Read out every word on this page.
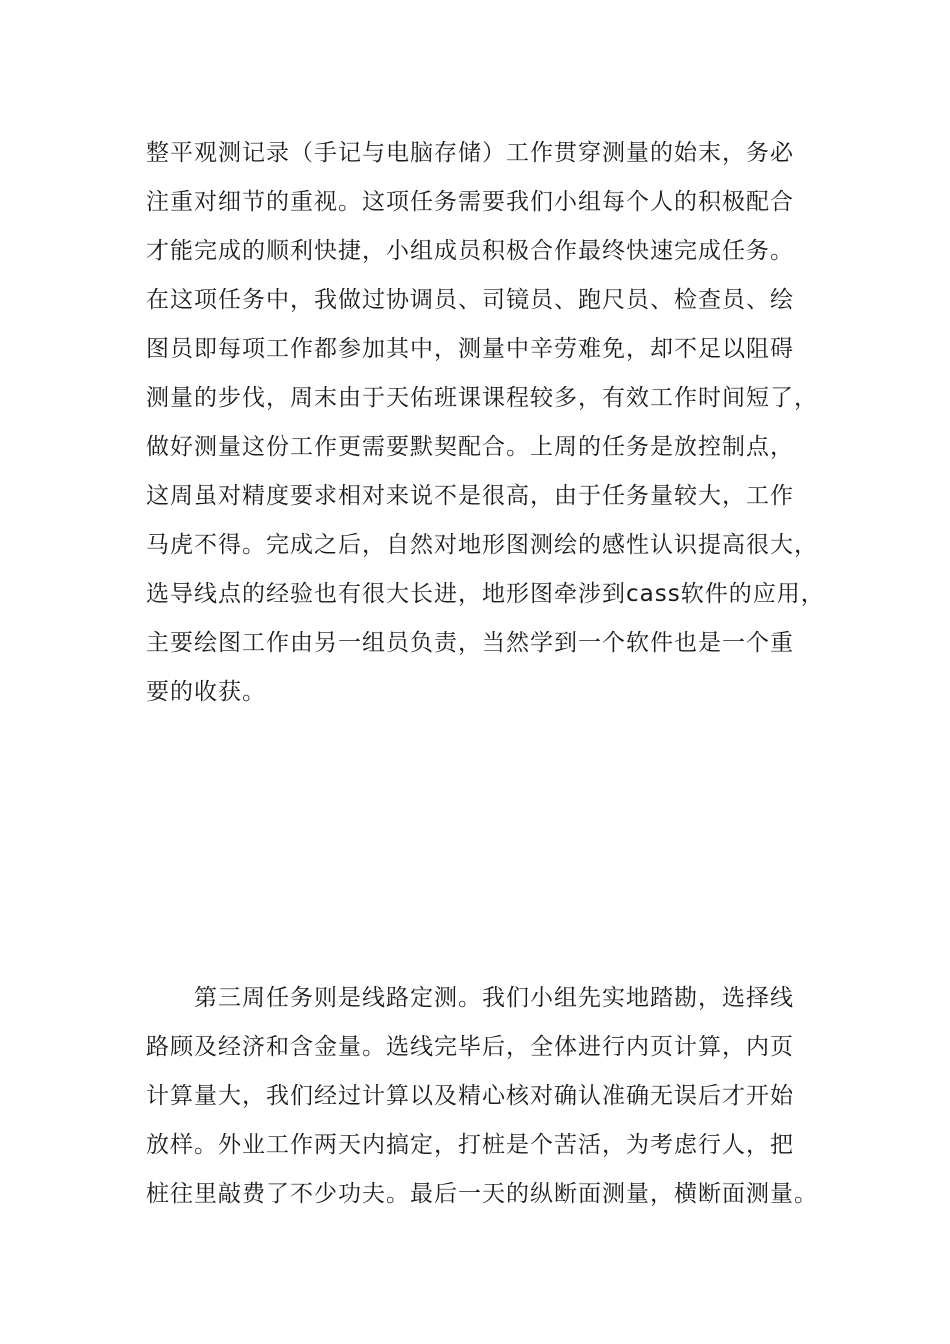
整平观测记录（手记与电脑存储）工作贯穿测量的始末，务必
注重对细节的重视。这项任务需要我们小组每个人的积极配合
才能完成的顺利快捷，小组成员积极合作最终快速完成任务。
在这项任务中，我做过协调员、司镜员、跑尺员、检查员、绘
图员即每项工作都参加其中，测量中辛劳难免，却不足以阻碍
测量的步伐，周末由于天佑班课课程较多，有效工作时间短了，
做好测量这份工作更需要默契配合。上周的任务是放控制点，
这周虽对精度要求相对来说不是很高，由于任务量较大，工作
马虎不得。完成之后，自然对地形图测绘的感性认识提高很大，
选导线点的经验也有很大长进，地形图牵涉到cass软件的应用，
主要绘图工作由另一组员负责，当然学到一个软件也是一个重
要的收获。
　　第三周任务则是线路定测。我们小组先实地踏勘，选择线
路顾及经济和含金量。选线完毕后，全体进行内页计算，内页
计算量大，我们经过计算以及精心核对确认准确无误后才开始
放样。外业工作两天内搞定，打桩是个苦活，为考虑行人，把
桩往里敲费了不少功夫。最后一天的纵断面测量，横断面测量。
